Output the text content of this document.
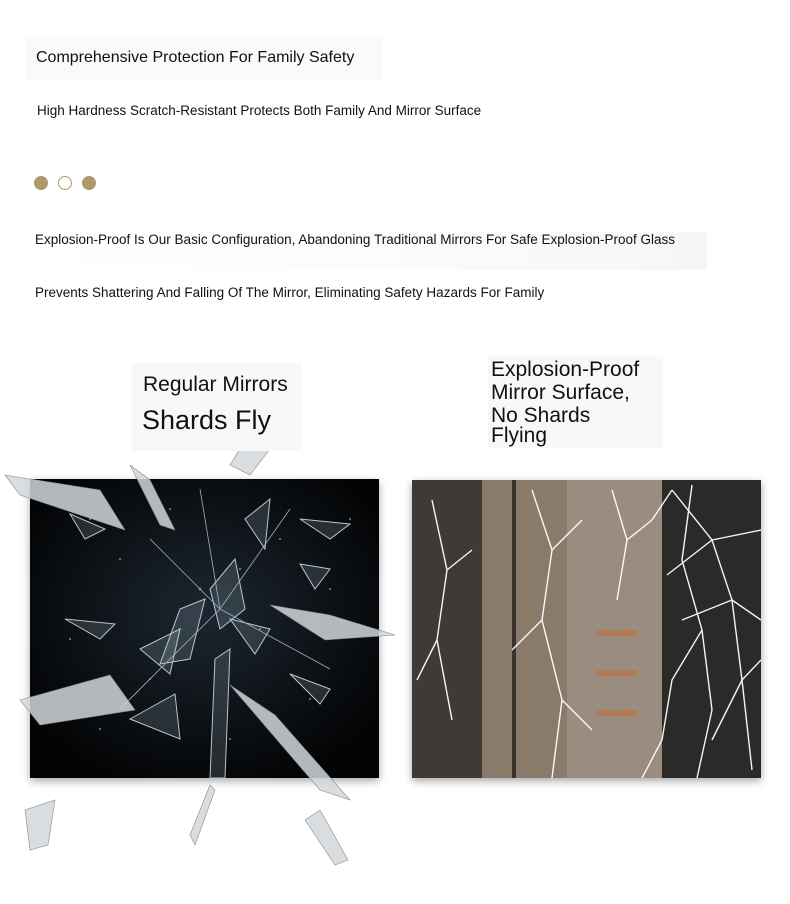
Comprehensive Protection For Family Safety
High Hardness Scratch-Resistant Protects Both Family And Mirror Surface
Explosion-Proof Is Our Basic Configuration, Abandoning Traditional Mirrors For Safe Explosion-Proof Glass
Prevents Shattering And Falling Of The Mirror, Eliminating Safety Hazards For Family
Regular Mirrors
Shards Fly
Explosion-Proof
Mirror Surface,
No Shards
Flying
